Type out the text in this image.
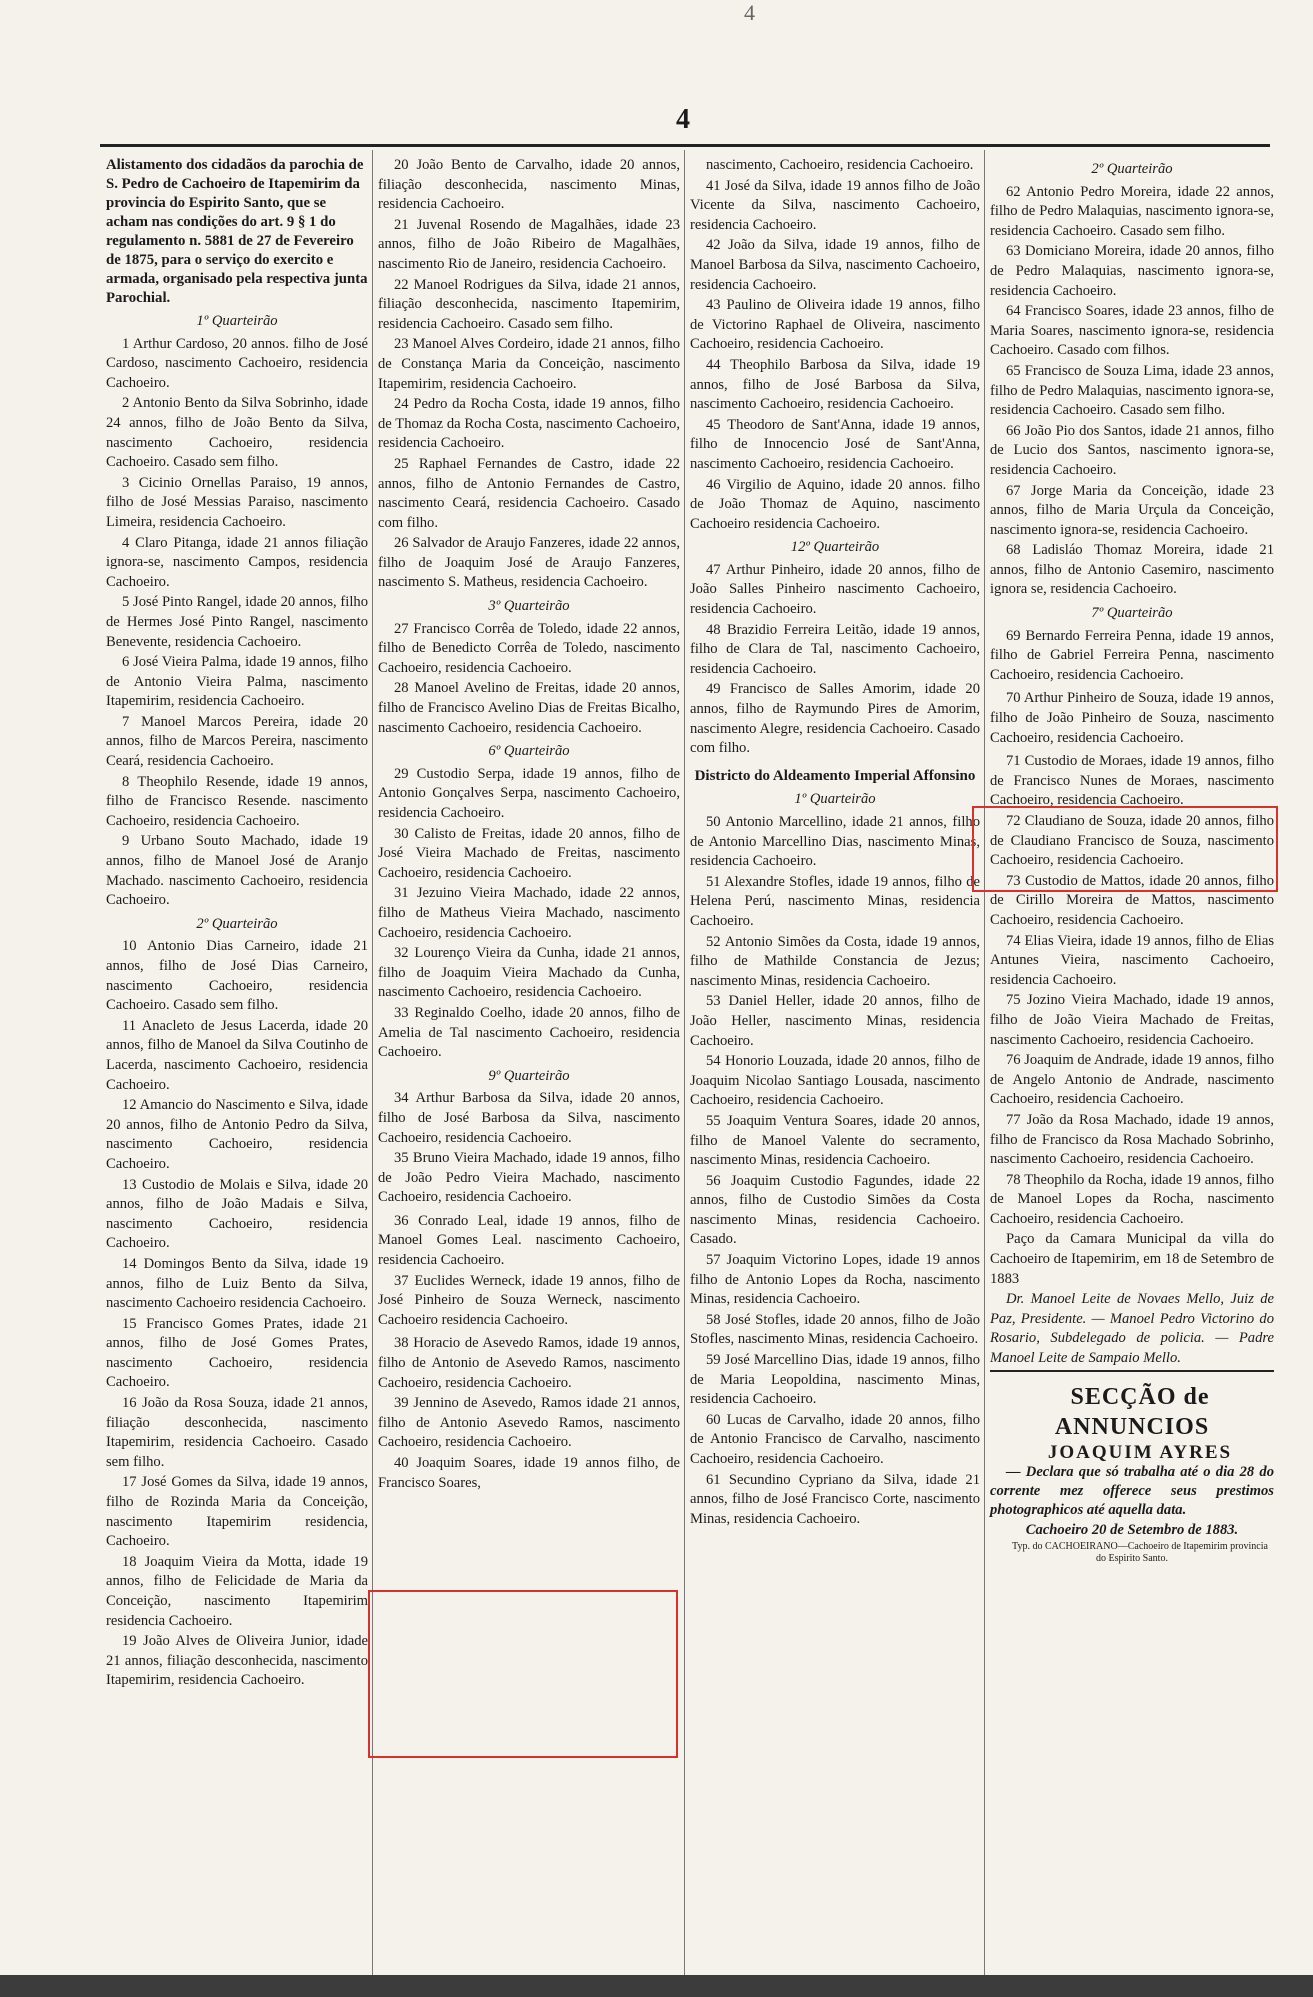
4
4

Alistamento dos cidadãos da parochia de S. Pedro de Cachoeiro de Itapemirim da provincia do Espirito Santo, que se acham nas condições do art. 9 § 1 do regulamento n. 5881 de 27 de Fevereiro de 1875, para o serviço do exercito e armada, organisado pela respectiva junta Parochial.

1º Quarteirão

1 Arthur Cardoso, 20 annos. filho de José Cardoso, nascimento Cachoeiro, residencia Cachoeiro.

2 Antonio Bento da Silva Sobrinho, idade 24 annos, filho de João Bento da Silva, nascimento Cachoeiro, residencia Cachoeiro. Casado sem filho.

3 Cicinio Ornellas Paraiso, 19 annos, filho de José Messias Paraiso, nascimento Limeira, residencia Cachoeiro.

4 Claro Pitanga, idade 21 annos filiação ignora-se, nascimento Campos, residencia Cachoeiro.

5 José Pinto Rangel, idade 20 annos, filho de Hermes José Pinto Rangel, nascimento Benevente, residencia Cachoeiro.

6 José Vieira Palma, idade 19 annos, filho de Antonio Vieira Palma, nascimento Itapemirim, residencia Cachoeiro.

7 Manoel Marcos Pereira, idade 20 annos, filho de Marcos Pereira, nascimento Ceará, residencia Cachoeiro.

8 Theophilo Resende, idade 19 annos, filho de Francisco Resende. nascimento Cachoeiro, residencia Cachoeiro.

9 Urbano Souto Machado, idade 19 annos, filho de Manoel José de Aranjo Machado. nascimento Cachoeiro, residencia Cachoeiro.

2º Quarteirão

10 Antonio Dias Carneiro, idade 21 annos, filho de José Dias Carneiro, nascimento Cachoeiro, residencia Cachoeiro. Casado sem filho.

11 Anacleto de Jesus Lacerda, idade 20 annos, filho de Manoel da Silva Coutinho de Lacerda, nascimento Cachoeiro, residencia Cachoeiro.

12 Amancio do Nascimento e Silva, idade 20 annos, filho de Antonio Pedro da Silva, nascimento Cachoeiro, residencia Cachoeiro.

13 Custodio de Molais e Silva, idade 20 annos, filho de João Madais e Silva, nascimento Cachoeiro, residencia Cachoeiro.

14 Domingos Bento da Silva, idade 19 annos, filho de Luiz Bento da Silva, nascimento Cachoeiro residencia Cachoeiro.

15 Francisco Gomes Prates, idade 21 annos, filho de José Gomes Prates, nascimento Cachoeiro, residencia Cachoeiro.

16 João da Rosa Souza, idade 21 annos, filiação desconhecida, nascimento Itapemirim, residencia Cachoeiro. Casado sem filho.

17 José Gomes da Silva, idade 19 annos, filho de Rozinda Maria da Conceição, nascimento Itapemirim residencia, Cachoeiro.

18 Joaquim Vieira da Motta, idade 19 annos, filho de Felicidade de Maria da Conceição, nascimento Itapemirim residencia Cachoeiro.

19 João Alves de Oliveira Junior, idade 21 annos, filiação desconhecida, nascimento Itapemirim, residencia Cachoeiro.

20 João Bento de Carvalho, idade 20 annos, filiação desconhecida, nascimento Minas, residencia Cachoeiro.

21 Juvenal Rosendo de Magalhães, idade 23 annos, filho de João Ribeiro de Magalhães, nascimento Rio de Janeiro, residencia Cachoeiro.

22 Manoel Rodrigues da Silva, idade 21 annos, filiação desconhecida, nascimento Itapemirim, residencia Cachoeiro. Casado sem filho.

23 Manoel Alves Cordeiro, idade 21 annos, filho de Constança Maria da Conceição, nascimento Itapemirim, residencia Cachoeiro.

24 Pedro da Rocha Costa, idade 19 annos, filho de Thomaz da Rocha Costa, nascimento Cachoeiro, residencia Cachoeiro.

25 Raphael Fernandes de Castro, idade 22 annos, filho de Antonio Fernandes de Castro, nascimento Ceará, residencia Cachoeiro. Casado com filho.

26 Salvador de Araujo Fanzeres, idade 22 annos, filho de Joaquim José de Araujo Fanzeres, nascimento S. Matheus, residencia Cachoeiro.

3º Quarteirão

27 Francisco Corrêa de Toledo, idade 22 annos, filho de Benedicto Corrêa de Toledo, nascimento Cachoeiro, residencia Cachoeiro.

28 Manoel Avelino de Freitas, idade 20 annos, filho de Francisco Avelino Dias de Freitas Bicalho, nascimento Cachoeiro, residencia Cachoeiro.

6º Quarteirão

29 Custodio Serpa, idade 19 annos, filho de Antonio Gonçalves Serpa, nascimento Cachoeiro, residencia Cachoeiro.

30 Calisto de Freitas, idade 20 annos, filho de José Vieira Machado de Freitas, nascimento Cachoeiro, residencia Cachoeiro.

31 Jezuino Vieira Machado, idade 22 annos, filho de Matheus Vieira Machado, nascimento Cachoeiro, residencia Cachoeiro.

32 Lourenço Vieira da Cunha, idade 21 annos, filho de Joaquim Vieira Machado da Cunha, nascimento Cachoeiro, residencia Cachoeiro.

33 Reginaldo Coelho, idade 20 annos, filho de Amelia de Tal nascimento Cachoeiro, residencia Cachoeiro.

9º Quarteirão

34 Arthur Barbosa da Silva, idade 20 annos, filho de José Barbosa da Silva, nascimento Cachoeiro, residencia Cachoeiro.

35 Bruno Vieira Machado, idade 19 annos, filho de João Pedro Vieira Machado, nascimento Cachoeiro, residencia Cachoeiro.

36 Conrado Leal, idade 19 annos, filho de Manoel Gomes Leal. nascimento Cachoeiro, residencia Cachoeiro.

37 Euclides Werneck, idade 19 annos, filho de José Pinheiro de Souza Werneck, nascimento Cachoeiro residencia Cachoeiro.

38 Horacio de Asevedo Ramos, idade 19 annos, filho de Antonio de Asevedo Ramos, nascimento Cachoeiro, residencia Cachoeiro.

39 Jennino de Asevedo, Ramos idade 21 annos, filho de Antonio Asevedo Ramos, nascimento Cachoeiro, residencia Cachoeiro.

40 Joaquim Soares, idade 19 annos filho, de Francisco Soares,

nascimento, Cachoeiro, residencia Cachoeiro.

41 José da Silva, idade 19 annos filho de João Vicente da Silva, nascimento Cachoeiro, residencia Cachoeiro.

42 João da Silva, idade 19 annos, filho de Manoel Barbosa da Silva, nascimento Cachoeiro, residencia Cachoeiro.

43 Paulino de Oliveira idade 19 annos, filho de Victorino Raphael de Oliveira, nascimento Cachoeiro, residencia Cachoeiro.

44 Theophilo Barbosa da Silva, idade 19 annos, filho de José Barbosa da Silva, nascimento Cachoeiro, residencia Cachoeiro.

45 Theodoro de Sant'Anna, idade 19 annos, filho de Innocencio José de Sant'Anna, nascimento Cachoeiro, residencia Cachoeiro.

46 Virgilio de Aquino, idade 20 annos. filho de João Thomaz de Aquino, nascimento Cachoeiro residencia Cachoeiro.

12º Quarteirão

47 Arthur Pinheiro, idade 20 annos, filho de João Salles Pinheiro nascimento Cachoeiro, residencia Cachoeiro.

48 Brazidio Ferreira Leitão, idade 19 annos, filho de Clara de Tal, nascimento Cachoeiro, residencia Cachoeiro.

49 Francisco de Salles Amorim, idade 20 annos, filho de Raymundo Pires de Amorim, nascimento Alegre, residencia Cachoeiro. Casado com filho.

Districto do Aldeamento Imperial Affonsino

1º Quarteirão

50 Antonio Marcellino, idade 21 annos, filho de Antonio Marcellino Dias, nascimento Minas, residencia Cachoeiro.

51 Alexandre Stofles, idade 19 annos, filho de Helena Perú, nascimento Minas, residencia Cachoeiro.

52 Antonio Simões da Costa, idade 19 annos, filho de Mathilde Constancia de Jezus; nascimento Minas, residencia Cachoeiro.

53 Daniel Heller, idade 20 annos, filho de João Heller, nascimento Minas, residencia Cachoeiro.

54 Honorio Louzada, idade 20 annos, filho de Joaquim Nicolao Santiago Lousada, nascimento Cachoeiro, residencia Cachoeiro.

55 Joaquim Ventura Soares, idade 20 annos, filho de Manoel Valente do secramento, nascimento Minas, residencia Cachoeiro.

56 Joaquim Custodio Fagundes, idade 22 annos, filho de Custodio Simões da Costa nascimento Minas, residencia Cachoeiro. Casado.

57 Joaquim Victorino Lopes, idade 19 annos filho de Antonio Lopes da Rocha, nascimento Minas, residencia Cachoeiro.

58 José Stofles, idade 20 annos, filho de João Stofles, nascimento Minas, residencia Cachoeiro.

59 José Marcellino Dias, idade 19 annos, filho de Maria Leopoldina, nascimento Minas, residencia Cachoeiro.

60 Lucas de Carvalho, idade 20 annos, filho de Antonio Francisco de Carvalho, nascimento Cachoeiro, residencia Cachoeiro.

61 Secundino Cypriano da Silva, idade 21 annos, filho de José Francisco Corte, nascimento Minas, residencia Cachoeiro.

2º Quarteirão

62 Antonio Pedro Moreira, idade 22 annos, filho de Pedro Malaquias, nascimento ignora-se, residencia Cachoeiro. Casado sem filho.

63 Domiciano Moreira, idade 20 annos, filho de Pedro Malaquias, nascimento ignora-se, residencia Cachoeiro.

64 Francisco Soares, idade 23 annos, filho de Maria Soares, nascimento ignora-se, residencia Cachoeiro. Casado com filhos.

65 Francisco de Souza Lima, idade 23 annos, filho de Pedro Malaquias, nascimento ignora-se, residencia Cachoeiro. Casado sem filho.

66 João Pio dos Santos, idade 21 annos, filho de Lucio dos Santos, nascimento ignora-se, residencia Cachoeiro.

67 Jorge Maria da Conceição, idade 23 annos, filho de Maria Urçula da Conceição, nascimento ignora-se, residencia Cachoeiro.

68 Ladisláo Thomaz Moreira, idade 21 annos, filho de Antonio Casemiro, nascimento ignora se, residencia Cachoeiro.

7º Quarteirão

69 Bernardo Ferreira Penna, idade 19 annos, filho de Gabriel Ferreira Penna, nascimento Cachoeiro, residencia Cachoeiro.

70 Arthur Pinheiro de Souza, idade 19 annos, filho de João Pinheiro de Souza, nascimento Cachoeiro, residencia Cachoeiro.

71 Custodio de Moraes, idade 19 annos, filho de Francisco Nunes de Moraes, nascimento Cachoeiro, residencia Cachoeiro.

72 Claudiano de Souza, idade 20 annos, filho de Claudiano Francisco de Souza, nascimento Cachoeiro, residencia Cachoeiro.

73 Custodio de Mattos, idade 20 annos, filho de Cirillo Moreira de Mattos, nascimento Cachoeiro, residencia Cachoeiro.

74 Elias Vieira, idade 19 annos, filho de Elias Antunes Vieira, nascimento Cachoeiro, residencia Cachoeiro.

75 Jozino Vieira Machado, idade 19 annos, filho de João Vieira Machado de Freitas, nascimento Cachoeiro, residencia Cachoeiro.

76 Joaquim de Andrade, idade 19 annos, filho de Angelo Antonio de Andrade, nascimento Cachoeiro, residencia Cachoeiro.

77 João da Rosa Machado, idade 19 annos, filho de Francisco da Rosa Machado Sobrinho, nascimento Cachoeiro, residencia Cachoeiro.

78 Theophilo da Rocha, idade 19 annos, filho de Manoel Lopes da Rocha, nascimento Cachoeiro, residencia Cachoeiro.

Paço da Camara Municipal da villa do Cachoeiro de Itapemirim, em 18 de Setembro de 1883

Dr. Manoel Leite de Novaes Mello, Juiz de Paz, Presidente. — Manoel Pedro Victorino do Rosario, Subdelegado de policia. — Padre Manoel Leite de Sampaio Mello.

SECÇÃO de ANNUNCIOS

JOAQUIM AYRES

— Declara que só trabalha até o dia 28 do corrente mez offerece seus prestimos photographicos até aquella data.

Cachoeiro 20 de Setembro de 1883.

Typ. do CACHOEIRANO—Cachoeiro de Itapemirim provincia do Espirito Santo.
